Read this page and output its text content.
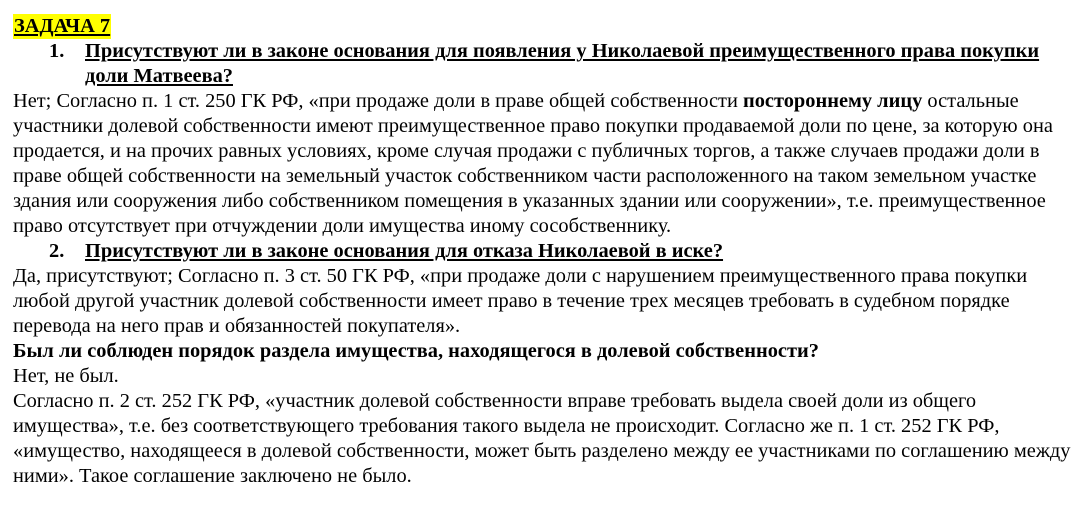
ЗАДАЧА 7
1. Присутствуют ли в законе основания для появления у Николаевой преимущественного права покупки доли Матвеева?

Нет; Согласно п. 1 ст. 250 ГК РФ, «при продаже доли в праве общей собственности постороннему лицу остальные участники долевой собственности имеют преимущественное право покупки продаваемой доли по цене, за которую она продается, и на прочих равных условиях, кроме случая продажи с публичных торгов, а также случаев продажи доли в праве общей собственности на земельный участок собственником части расположенного на таком земельном участке здания или сооружения либо собственником помещения в указанных здании или сооружении», т.е. преимущественное право отсутствует при отчуждении доли имущества иному сособственнику.

2. Присутствуют ли в законе основания для отказа Николаевой в иске?

Да, присутствуют; Согласно п. 3 ст. 50 ГК РФ, «при продаже доли с нарушением преимущественного права покупки любой другой участник долевой собственности имеет право в течение трех месяцев требовать в судебном порядке перевода на него прав и обязанностей покупателя».

Был ли соблюден порядок раздела имущества, находящегося в долевой собственности?

Нет, не был.

Согласно п. 2 ст. 252 ГК РФ, «участник долевой собственности вправе требовать выдела своей доли из общего имущества», т.е. без соответствующего требования такого выдела не происходит. Согласно же п. 1 ст. 252 ГК РФ, «имущество, находящееся в долевой собственности, может быть разделено между ее участниками по соглашению между ними». Такое соглашение заключено не было.
